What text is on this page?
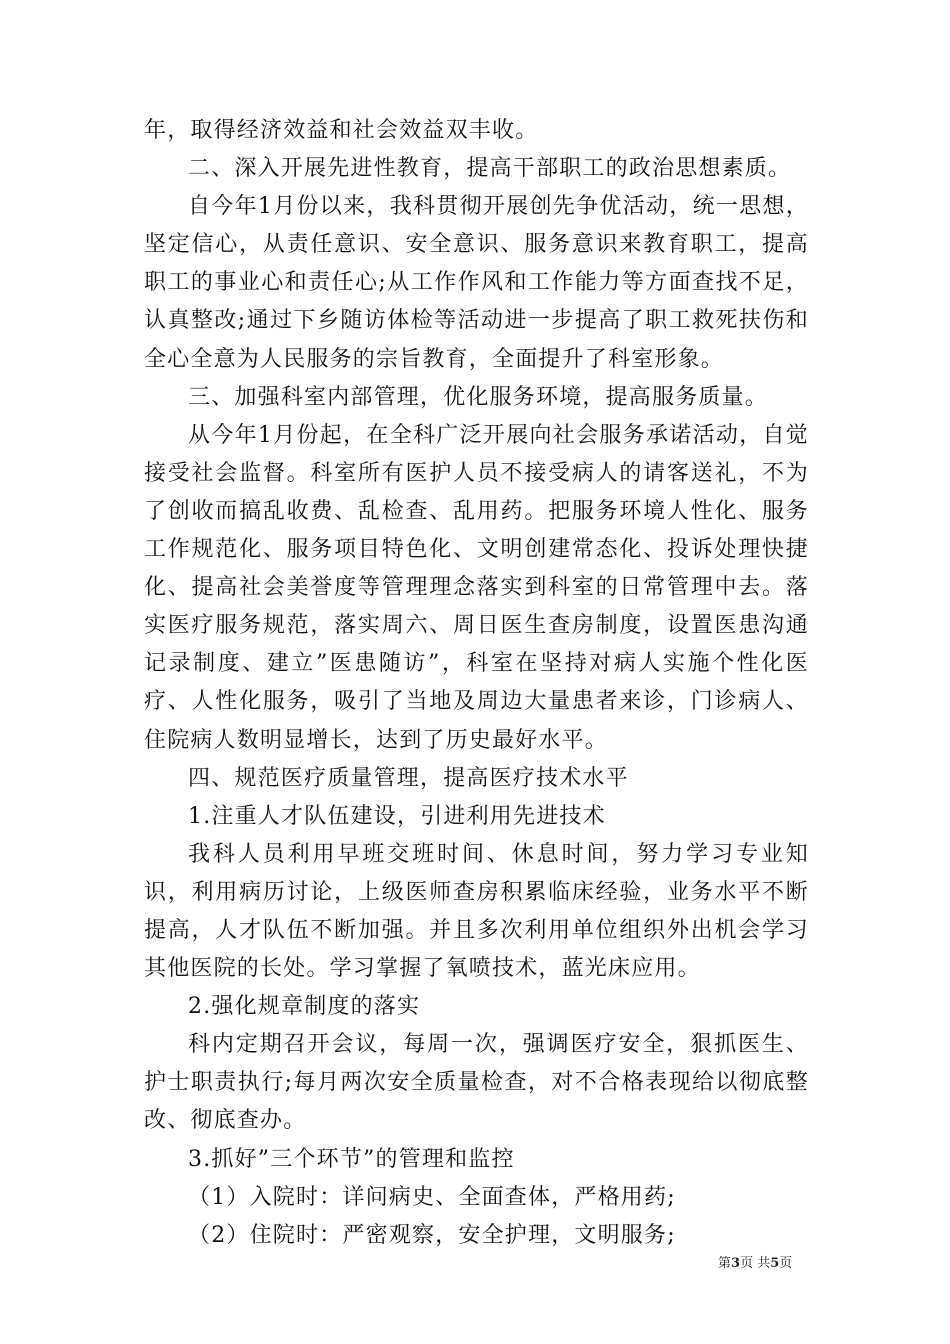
年，取得经济效益和社会效益双丰收。

二、深入开展先进性教育，提高干部职工的政治思想素质。

自今年1月份以来，我科贯彻开展创先争优活动，统一思想，坚定信心，从责任意识、安全意识、服务意识来教育职工，提高职工的事业心和责任心;从工作作风和工作能力等方面查找不足，认真整改;通过下乡随访体检等活动进一步提高了职工救死扶伤和全心全意为人民服务的宗旨教育，全面提升了科室形象。

三、加强科室内部管理，优化服务环境，提高服务质量。

从今年1月份起，在全科广泛开展向社会服务承诺活动，自觉接受社会监督。科室所有医护人员不接受病人的请客送礼，不为了创收而搞乱收费、乱检查、乱用药。把服务环境人性化、服务工作规范化、服务项目特色化、文明创建常态化、投诉处理快捷化、提高社会美誉度等管理理念落实到科室的日常管理中去。落实医疗服务规范，落实周六、周日医生查房制度，设置医患沟通记录制度、建立”医患随访”，科室在坚持对病人实施个性化医疗、人性化服务，吸引了当地及周边大量患者来诊，门诊病人、住院病人数明显增长，达到了历史最好水平。

四、规范医疗质量管理，提高医疗技术水平

1.注重人才队伍建设，引进利用先进技术

我科人员利用早班交班时间、休息时间，努力学习专业知识，利用病历讨论，上级医师查房积累临床经验，业务水平不断提高，人才队伍不断加强。并且多次利用单位组织外出机会学习其他医院的长处。学习掌握了氧喷技术，蓝光床应用。

2.强化规章制度的落实

科内定期召开会议，每周一次，强调医疗安全，狠抓医生、护士职责执行;每月两次安全质量检查，对不合格表现给以彻底整改、彻底查办。

3.抓好”三个环节”的管理和监控

（1）入院时：详问病史、全面查体，严格用药;

（2）住院时：严密观察，安全护理，文明服务;

第3页 共5页
